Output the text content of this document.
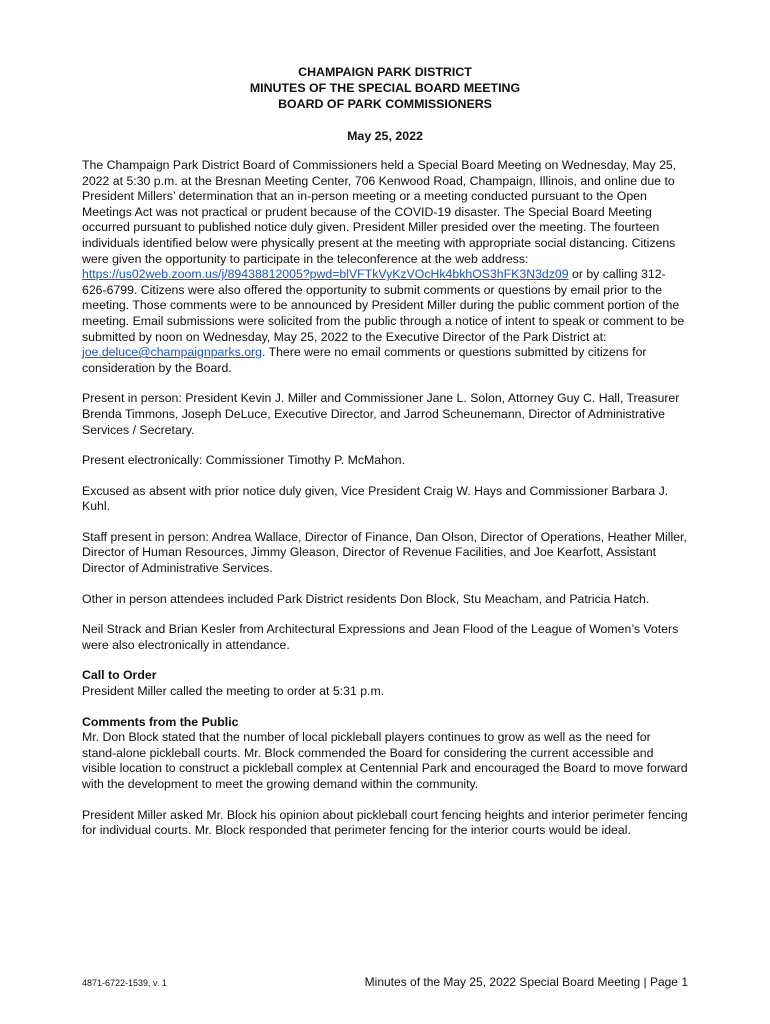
CHAMPAIGN PARK DISTRICT
MINUTES OF THE SPECIAL BOARD MEETING
BOARD OF PARK COMMISSIONERS
May 25, 2022

The Champaign Park District Board of Commissioners held a Special Board Meeting on Wednesday, May 25, 2022 at 5:30 p.m. at the Bresnan Meeting Center, 706 Kenwood Road, Champaign, Illinois, and online due to President Millers’ determination that an in-person meeting or a meeting conducted pursuant to the Open Meetings Act was not practical or prudent because of the COVID-19 disaster. The Special Board Meeting occurred pursuant to published notice duly given. President Miller presided over the meeting. The fourteen individuals identified below were physically present at the meeting with appropriate social distancing. Citizens were given the opportunity to participate in the teleconference at the web address:
https://us02web.zoom.us/j/89438812005?pwd=blVFTkVyKzVOcHk4bkhOS3hFK3N3dz09 or by calling 312-626-6799. Citizens were also offered the opportunity to submit comments or questions by email prior to the meeting. Those comments were to be announced by President Miller during the public comment portion of the meeting. Email submissions were solicited from the public through a notice of intent to speak or comment to be submitted by noon on Wednesday, May 25, 2022 to the Executive Director of the Park District at: joe.deluce@champaignparks.org. There were no email comments or questions submitted by citizens for consideration by the Board.

Present in person: President Kevin J. Miller and Commissioner Jane L. Solon, Attorney Guy C. Hall, Treasurer Brenda Timmons, Joseph DeLuce, Executive Director, and Jarrod Scheunemann, Director of Administrative Services / Secretary.

Present electronically: Commissioner Timothy P. McMahon.

Excused as absent with prior notice duly given, Vice President Craig W. Hays and Commissioner Barbara J. Kuhl.

Staff present in person: Andrea Wallace, Director of Finance, Dan Olson, Director of Operations, Heather Miller, Director of Human Resources, Jimmy Gleason, Director of Revenue Facilities, and Joe Kearfott, Assistant Director of Administrative Services.

Other in person attendees included Park District residents Don Block, Stu Meacham, and Patricia Hatch.

Neil Strack and Brian Kesler from Architectural Expressions and Jean Flood of the League of Women’s Voters were also electronically in attendance.

Call to Order
President Miller called the meeting to order at 5:31 p.m.

Comments from the Public
Mr. Don Block stated that the number of local pickleball players continues to grow as well as the need for stand-alone pickleball courts. Mr. Block commended the Board for considering the current accessible and visible location to construct a pickleball complex at Centennial Park and encouraged the Board to move forward with the development to meet the growing demand within the community.

President Miller asked Mr. Block his opinion about pickleball court fencing heights and interior perimeter fencing for individual courts. Mr. Block responded that perimeter fencing for the interior courts would be ideal.

4871-6722-1539, v. 1	Minutes of the May 25, 2022 Special Board Meeting | Page 1
